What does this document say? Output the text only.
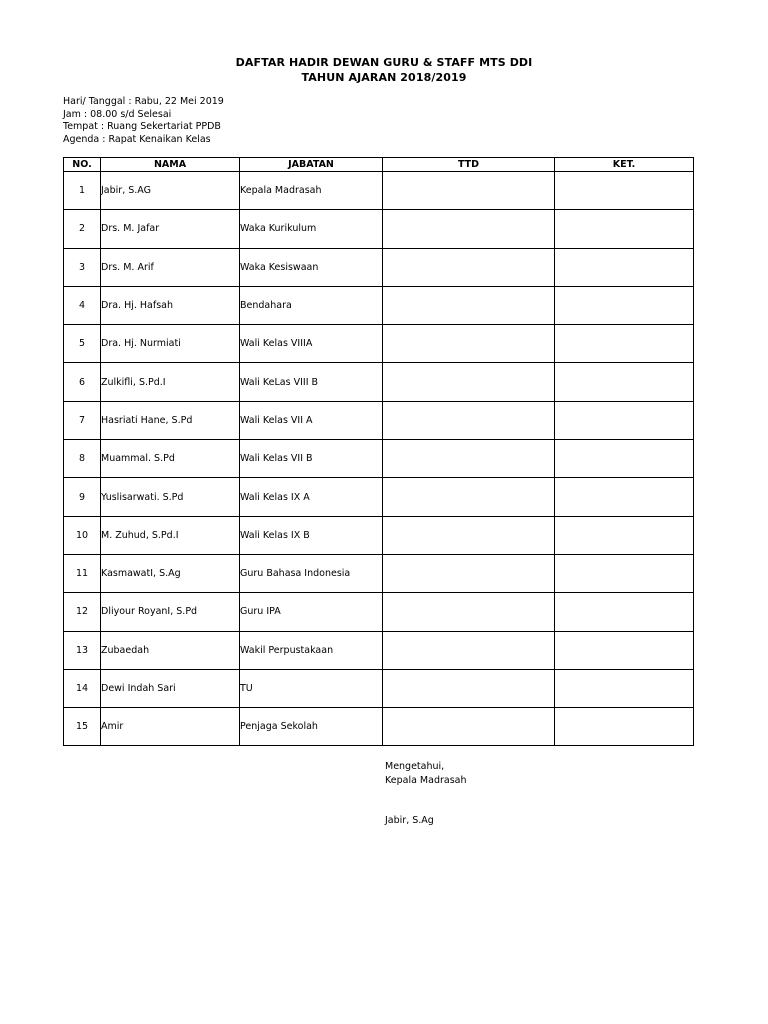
DAFTAR HADIR DEWAN GURU & STAFF MTS DDI
TAHUN AJARAN 2018/2019
Hari/ Tanggal : Rabu, 22 Mei 2019
Jam : 08.00 s/d Selesai
Tempat : Ruang Sekertariat PPDB
Agenda : Rapat Kenaikan Kelas
NO.	NAMA	JABATAN	TTD	KET.
1	Jabir, S.AG	Kepala Madrasah		
2	Drs. M. Jafar	Waka Kurikulum		
3	Drs. M. Arif	Waka Kesiswaan		
4	Dra. Hj. Hafsah	Bendahara		
5	Dra. Hj. Nurmiati	Wali Kelas VIIIA		
6	Zulkifli, S.Pd.I	Wali KeLas VIII B		
7	Hasriati Hane, S.Pd	Wali Kelas VII A		
8	Muammal. S.Pd	Wali Kelas VII B		
9	Yuslisarwati. S.Pd	Wali Kelas IX A		
10	M. Zuhud, S.Pd.I	Wali Kelas IX B		
11	KasmawatI, S.Ag	Guru Bahasa Indonesia		
12	Dliyour RoyanI, S.Pd	Guru IPA		
13	Zubaedah	Wakil Perpustakaan		
14	Dewi Indah Sari	TU		
15	Amir	Penjaga Sekolah		
Mengetahui,
Kepala Madrasah
Jabir, S.Ag
